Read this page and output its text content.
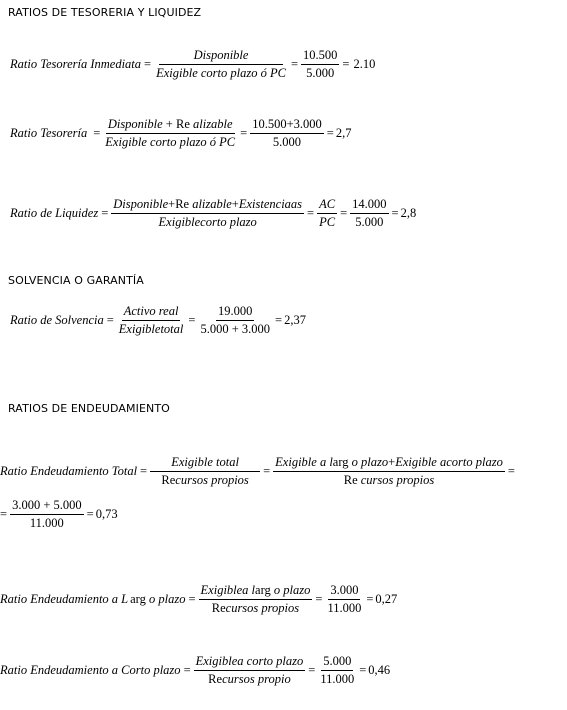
RATIOS DE TESORERIA Y LIQUIDEZ
Ratio Tesorería Inmediata = $\frac{\text{Disponible}}{\text{Exigible corto plazo ó PC}} = \frac{10.500}{5.000} = 2.10$
Ratio Tesorería = $\frac{\text{Disponible + Re alizable}}{\text{Exigible corto plazo ó PC}} = \frac{10.500+3.000}{5.000} = 2,7$
Ratio de Liquidez = $\frac{\text{Disponible+Re alizable+Existenciaas}}{\text{Exigiblecorto plazo}} = \frac{AC}{PC} = \frac{14.000}{5.000} = 2,8$
SOLVENCIA O GARANTÍA
Ratio de Solvencia = $\frac{\text{Activo real}}{\text{Exigibletotal}} = \frac{19.000}{5.000 + 3.000} = 2,37$
RATIOS DE ENDEUDAMIENTO
Ratio Endeudamiento Total = $\frac{\text{Exigible total}}{\text{Recursos propios}} = \frac{\text{Exigible a larg o plazo+Exigible acorto plazo}}{\text{Re cursos propios}}$ =
= $\frac{3.000 + 5.000}{11.000} = 0,73$
Ratio Endeudamiento a L arg o plazo = $\frac{\text{Exigiblea larg o plazo}}{\text{Recursos propios}} = \frac{3.000}{11.000} = 0,27$
Ratio Endeudamiento a Corto plazo = $\frac{\text{Exigiblea corto plazo}}{\text{Recursos propio}} = \frac{5.000}{11.000} = 0,46$
